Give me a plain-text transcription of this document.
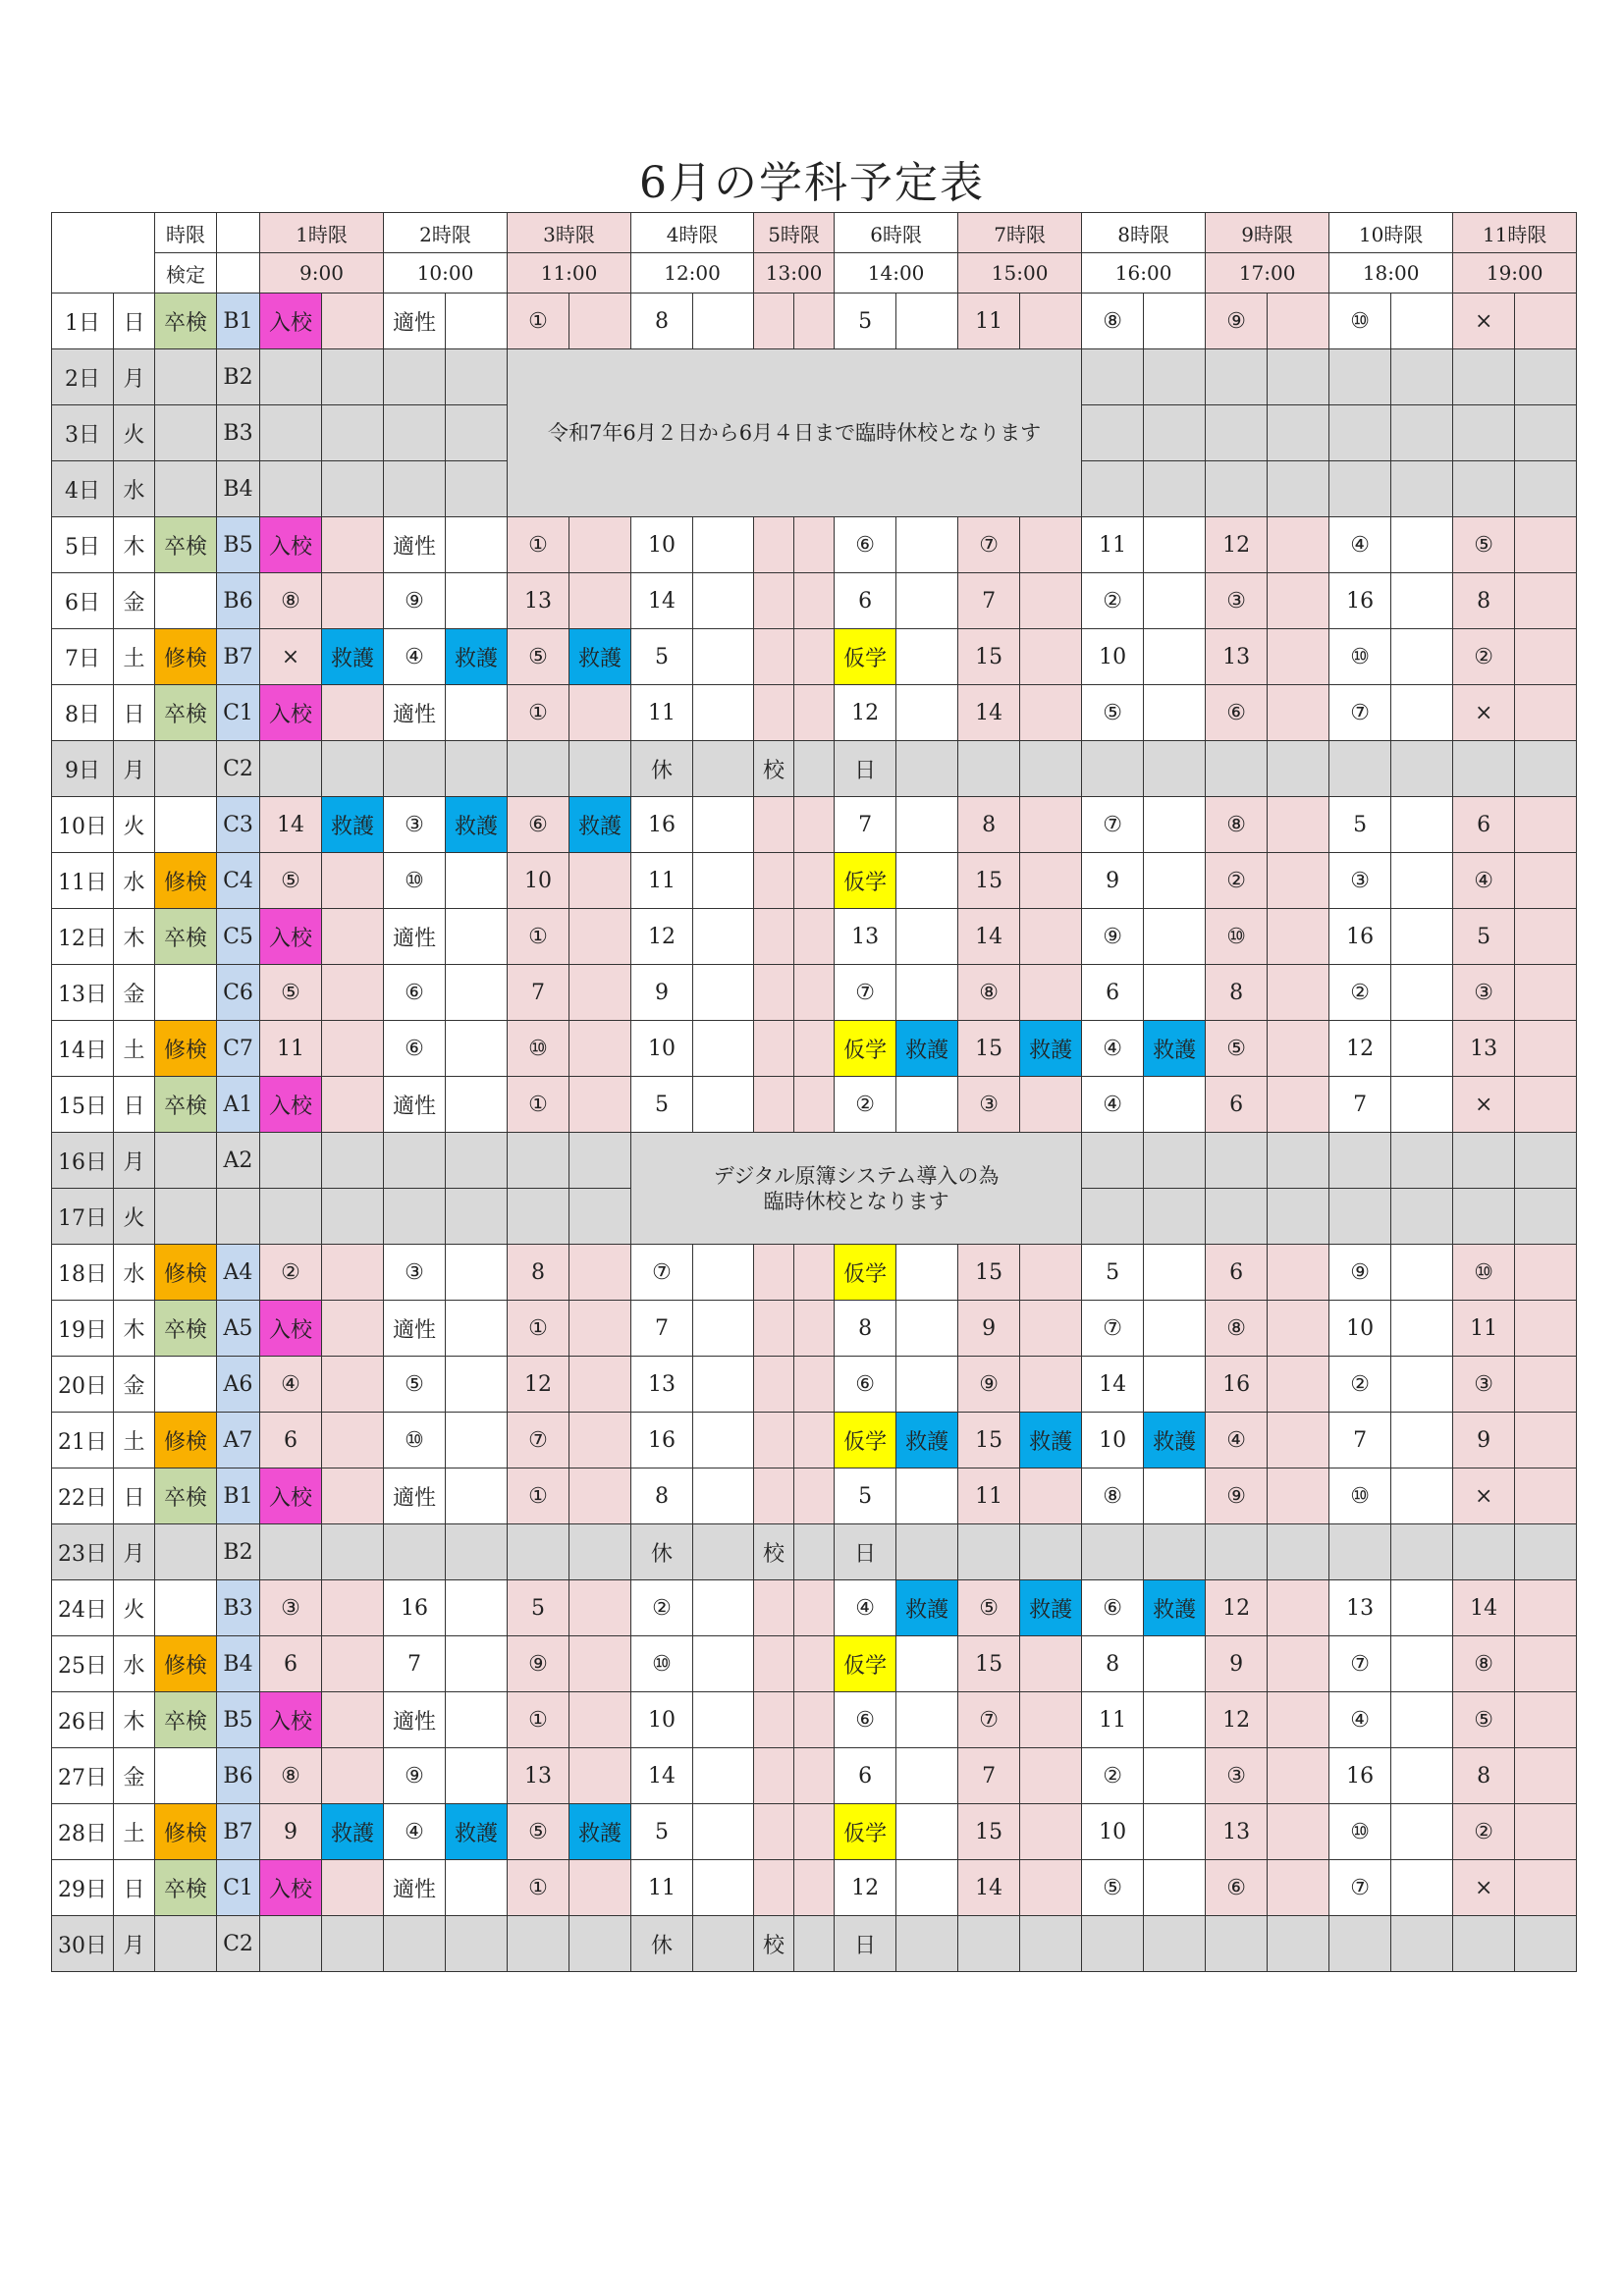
6月の学科予定表
		時限		1時限		2時限		3時限		4時限		5時限		6時限		7時限		8時限		9時限		10時限		11時限	
		検定		9:00		10:00		11:00		12:00		13:00		14:00		15:00		16:00		17:00		18:00		19:00	
1日	日	卒検	B1	入校		適性		①		8				5		11		⑧		⑨		⑩		×	
2日	月		B2					令和7年6月２日から6月４日まで臨時休校となります																	
3日	火		B3																						
4日	水		B4																						
5日	木	卒検	B5	入校		適性		①		10				⑥		⑦		11		12		④		⑤	
6日	金		B6	⑧		⑨		13		14				6		7		②		③		16		8	
7日	土	修検	B7	×	救護	④	救護	⑤	救護	5				仮学		15		10		13		⑩		②	
8日	日	卒検	C1	入校		適性		①		11				12		14		⑤		⑥		⑦		×	
9日	月		C2							休		校		日											
10日	火		C3	14	救護	③	救護	⑥	救護	16				7		8		⑦		⑧		5		6	
11日	水	修検	C4	⑤		⑩		10		11				仮学		15		9		②		③		④	
12日	木	卒検	C5	入校		適性		①		12				13		14		⑨		⑩		16		5	
13日	金		C6	⑤		⑥		7		9				⑦		⑧		6		8		②		③	
14日	土	修検	C7	11		⑥		⑩		10				仮学	救護	15	救護	④	救護	⑤		12		13	
15日	日	卒検	A1	入校		適性		①		5				②		③		④		6		7		×	
16日	月		A2							デジタル原簿システム導入の為
臨時休校となります															

17日	火																								
18日	水	修検	A4	②		③		8		⑦				仮学		15		5		6		⑨		⑩	
19日	木	卒検	A5	入校		適性		①		7				8		9		⑦		⑧		10		11	
20日	金		A6	④		⑤		12		13				⑥		⑨		14		16		②		③	
21日	土	修検	A7	6		⑩		⑦		16				仮学	救護	15	救護	10	救護	④		7		9	
22日	日	卒検	B1	入校		適性		①		8				5		11		⑧		⑨		⑩		×	
23日	月		B2							休		校		日											
24日	火		B3	③		16		5		②				④	救護	⑤	救護	⑥	救護	12		13		14	
25日	水	修検	B4	6		7		⑨		⑩				仮学		15		8		9		⑦		⑧	
26日	木	卒検	B5	入校		適性		①		10				⑥		⑦		11		12		④		⑤	
27日	金		B6	⑧		⑨		13		14				6		7		②		③		16		8	
28日	土	修検	B7	9	救護	④	救護	⑤	救護	5				仮学		15		10		13		⑩		②	
29日	日	卒検	C1	入校		適性		①		11				12		14		⑤		⑥		⑦		×	
30日	月		C2							休		校		日											
